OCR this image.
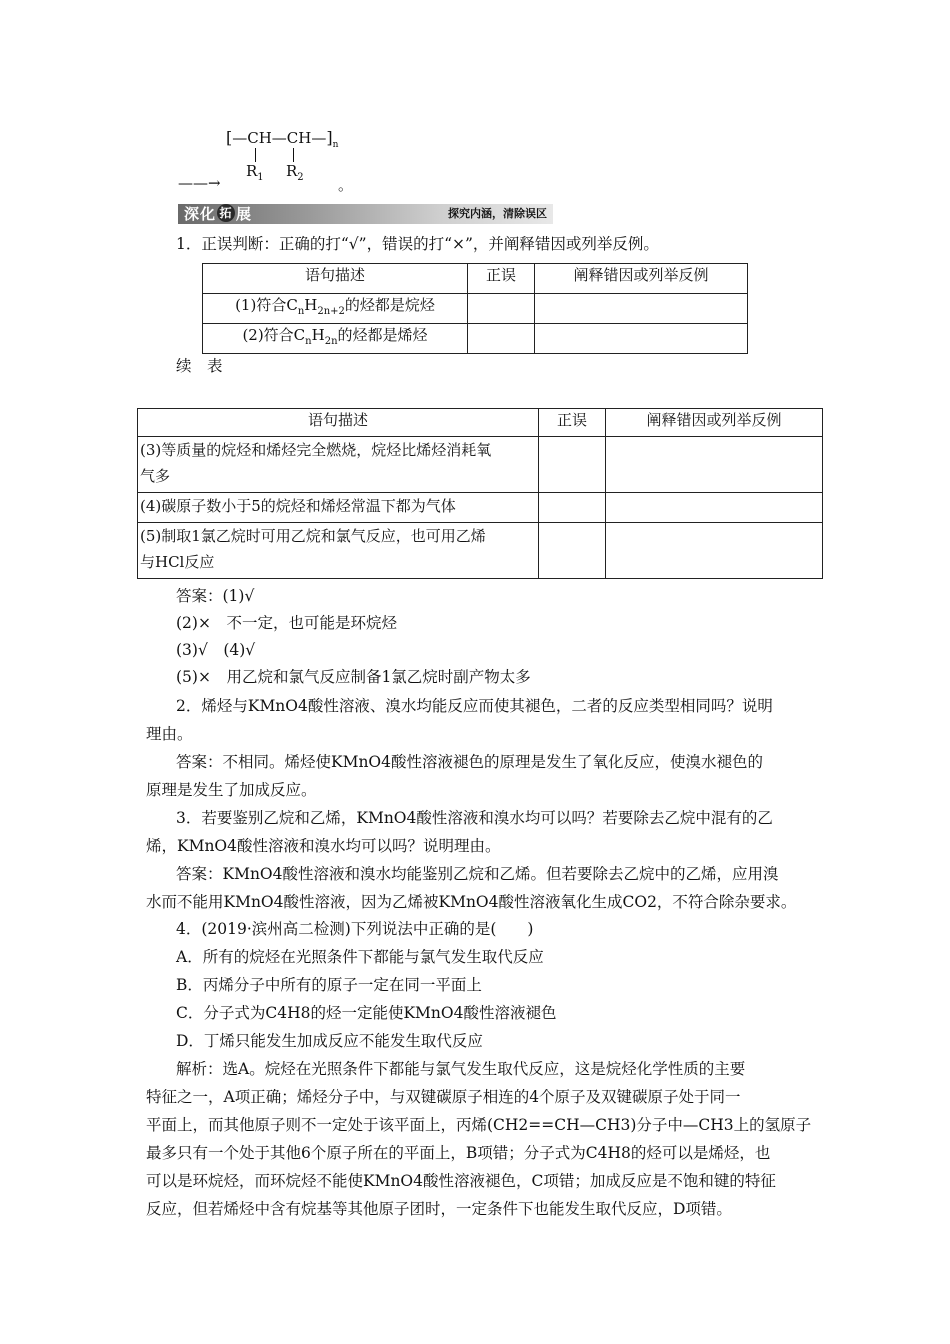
$[—CH—CH—]_n$
$R_1$ $R_2$
——→	。
深化 拓 展	探究内涵，清除误区
1．正误判断：正确的打“√”，错误的打“×”，并阐释错因或列举反例。
语句描述	正误	阐释错因或列举反例
(1)符合$C_nH_{2n+2}$的烃都是烷烃		
(2)符合$C_nH_{2n}$的烃都是烯烃		
续　表
语句描述	正误	阐释错因或列举反例

(3)等质量的烷烃和烯烃完全燃烧，烷烃比烯烃消耗氧
气多		

(4)碳原子数小于5的烷烃和烯烃常温下都为气体		

(5)制取1氯乙烷时可用乙烷和氯气反应，也可用乙烯
与HCl反应		

答案：(1)√
(2)×　不一定，也可能是环烷烃
(3)√　(4)√
(5)×　用乙烷和氯气反应制备1氯乙烷时副产物太多
2．烯烃与KMnO4酸性溶液、溴水均能反应而使其褪色，二者的反应类型相同吗？说明
理由。
答案：不相同。烯烃使KMnO4酸性溶液褪色的原理是发生了氧化反应，使溴水褪色的
原理是发生了加成反应。
3．若要鉴别乙烷和乙烯，KMnO4酸性溶液和溴水均可以吗？若要除去乙烷中混有的乙
烯，KMnO4酸性溶液和溴水均可以吗？说明理由。
答案：KMnO4酸性溶液和溴水均能鉴别乙烷和乙烯。但若要除去乙烷中的乙烯，应用溴
水而不能用KMnO4酸性溶液，因为乙烯被KMnO4酸性溶液氧化生成CO2，不符合除杂要求。
4．(2019·滨州高二检测)下列说法中正确的是(　　)
A．所有的烷烃在光照条件下都能与氯气发生取代反应
B．丙烯分子中所有的原子一定在同一平面上
C．分子式为C4H8的烃一定能使KMnO4酸性溶液褪色
D．丁烯只能发生加成反应不能发生取代反应
解析：选A。烷烃在光照条件下都能与氯气发生取代反应，这是烷烃化学性质的主要
特征之一，A项正确；烯烃分子中，与双键碳原子相连的4个原子及双键碳原子处于同一
平面上，而其他原子则不一定处于该平面上，丙烯(CH2==CH—CH3)分子中—CH3上的氢原子
最多只有一个处于其他6个原子所在的平面上，B项错；分子式为C4H8的烃可以是烯烃，也
可以是环烷烃，而环烷烃不能使KMnO4酸性溶液褪色，C项错；加成反应是不饱和键的特征
反应，但若烯烃中含有烷基等其他原子团时，一定条件下也能发生取代反应，D项错。
